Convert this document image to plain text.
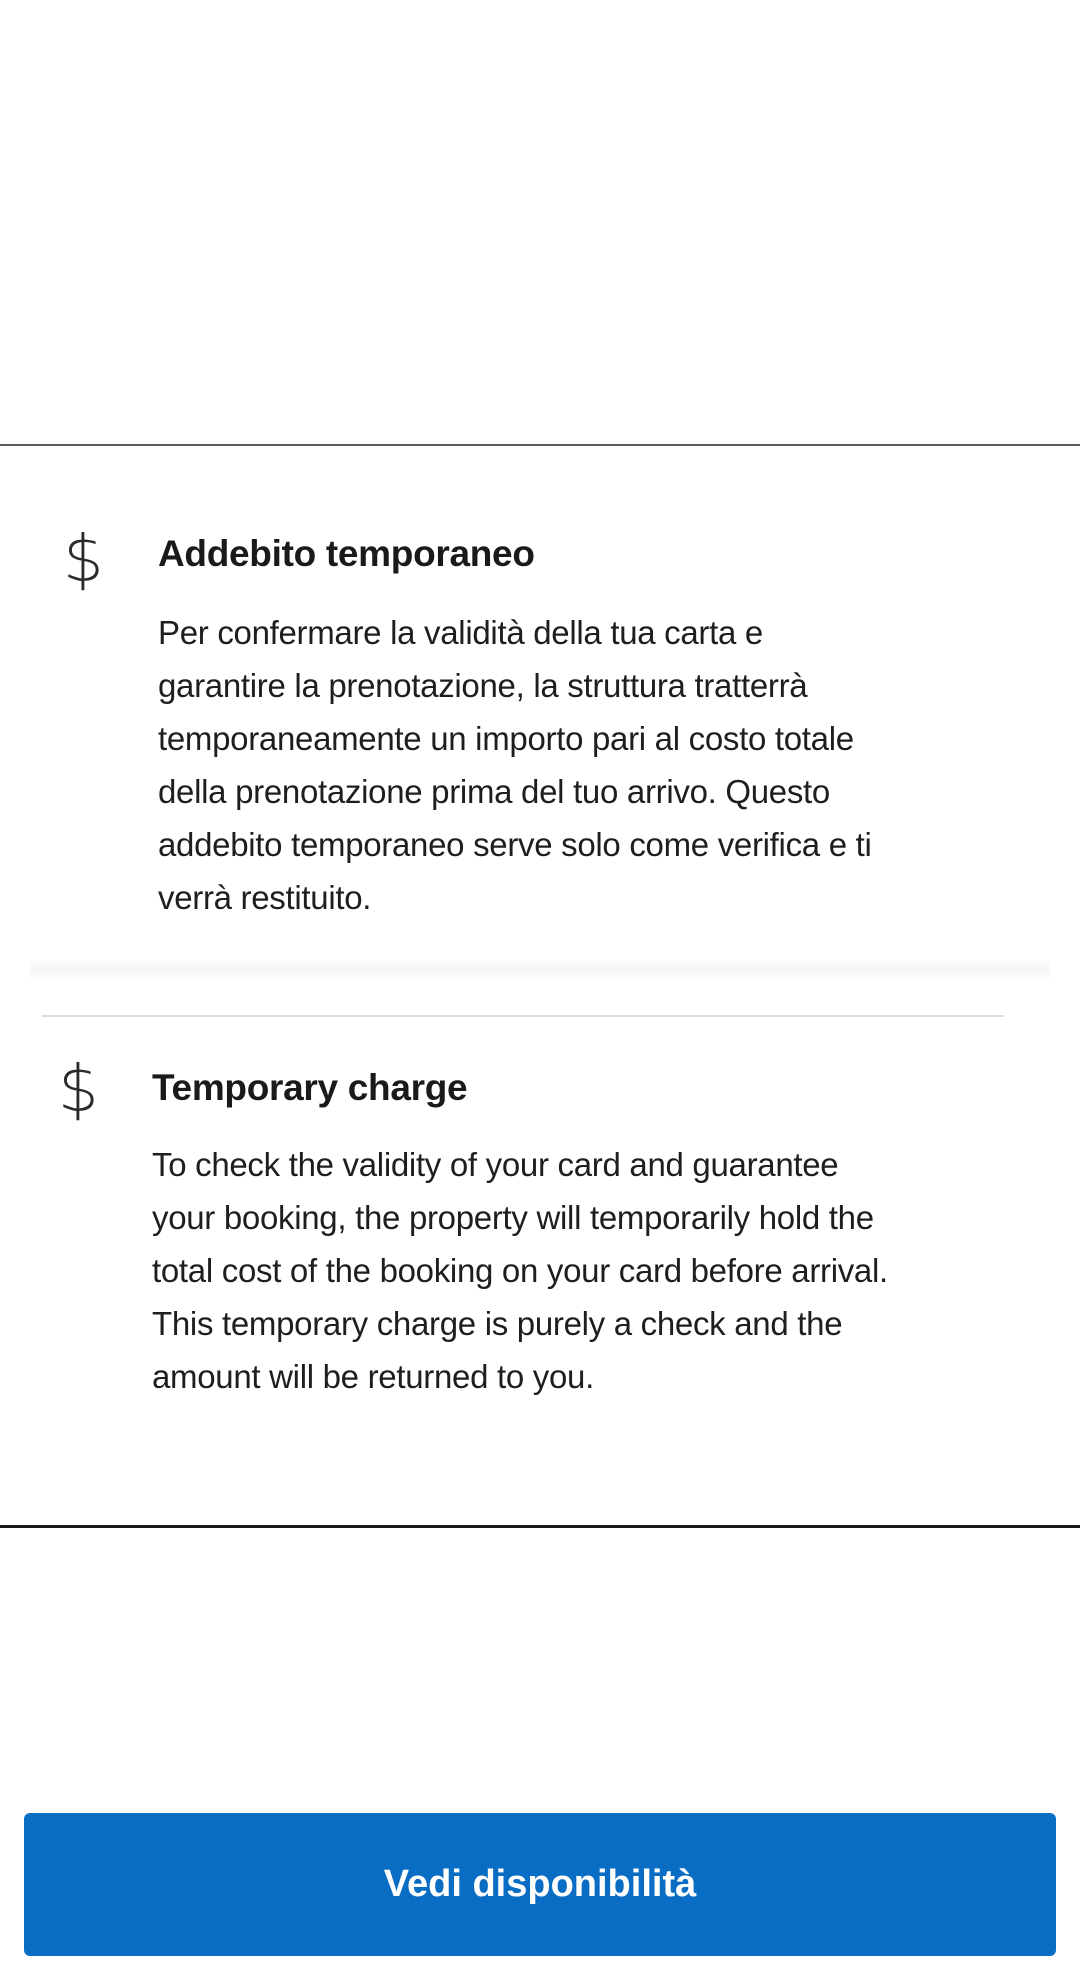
$ Addebito temporaneo
Per confermare la validità della tua carta e
garantire la prenotazione, la struttura tratterrà
temporaneamente un importo pari al costo totale
della prenotazione prima del tuo arrivo. Questo
addebito temporaneo serve solo come verifica e ti
verrà restituito.
$ Temporary charge
To check the validity of your card and guarantee
your booking, the property will temporarily hold the
total cost of the booking on your card before arrival.
This temporary charge is purely a check and the
amount will be returned to you.
Vedi disponibilità
